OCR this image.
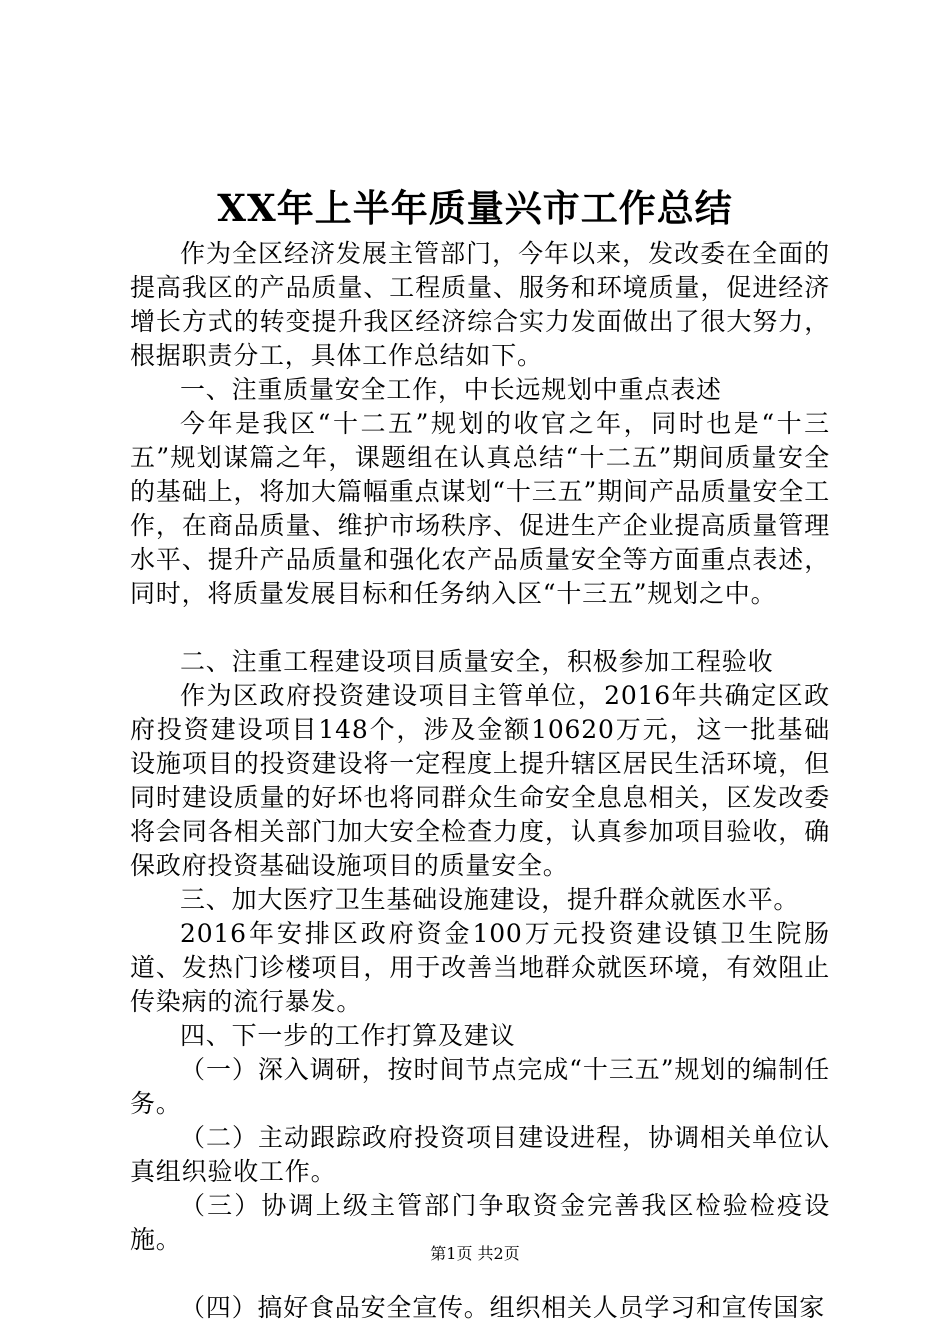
XX年上半年质量兴市工作总结

作为全区经济发展主管部门，今年以来，发改委在全面的提高我区的产品质量、工程质量、服务和环境质量，促进经济增长方式的转变提升我区经济综合实力发面做出了很大努力，根据职责分工，具体工作总结如下。

一、注重质量安全工作，中长远规划中重点表述

今年是我区“十二五”规划的收官之年，同时也是“十三五”规划谋篇之年，课题组在认真总结“十二五”期间质量安全的基础上，将加大篇幅重点谋划“十三五”期间产品质量安全工作，在商品质量、维护市场秩序、促进生产企业提高质量管理水平、提升产品质量和强化农产品质量安全等方面重点表述，同时，将质量发展目标和任务纳入区“十三五”规划之中。

二、注重工程建设项目质量安全，积极参加工程验收

作为区政府投资建设项目主管单位，2016年共确定区政府投资建设项目148个，涉及金额10620万元，这一批基础设施项目的投资建设将一定程度上提升辖区居民生活环境，但同时建设质量的好坏也将同群众生命安全息息相关，区发改委将会同各相关部门加大安全检查力度，认真参加项目验收，确保政府投资基础设施项目的质量安全。

三、加大医疗卫生基础设施建设，提升群众就医水平。

2016年安排区政府资金100万元投资建设镇卫生院肠道、发热门诊楼项目，用于改善当地群众就医环境，有效阻止传染病的流行暴发。

四、下一步的工作打算及建议

（一）深入调研，按时间节点完成“十三五”规划的编制任务。

（二）主动跟踪政府投资项目建设进程，协调相关单位认真组织验收工作。

（三）协调上级主管部门争取资金完善我区检验检疫设施。

（四）搞好食品安全宣传。组织相关人员学习和宣传国家

第1页 共2页
